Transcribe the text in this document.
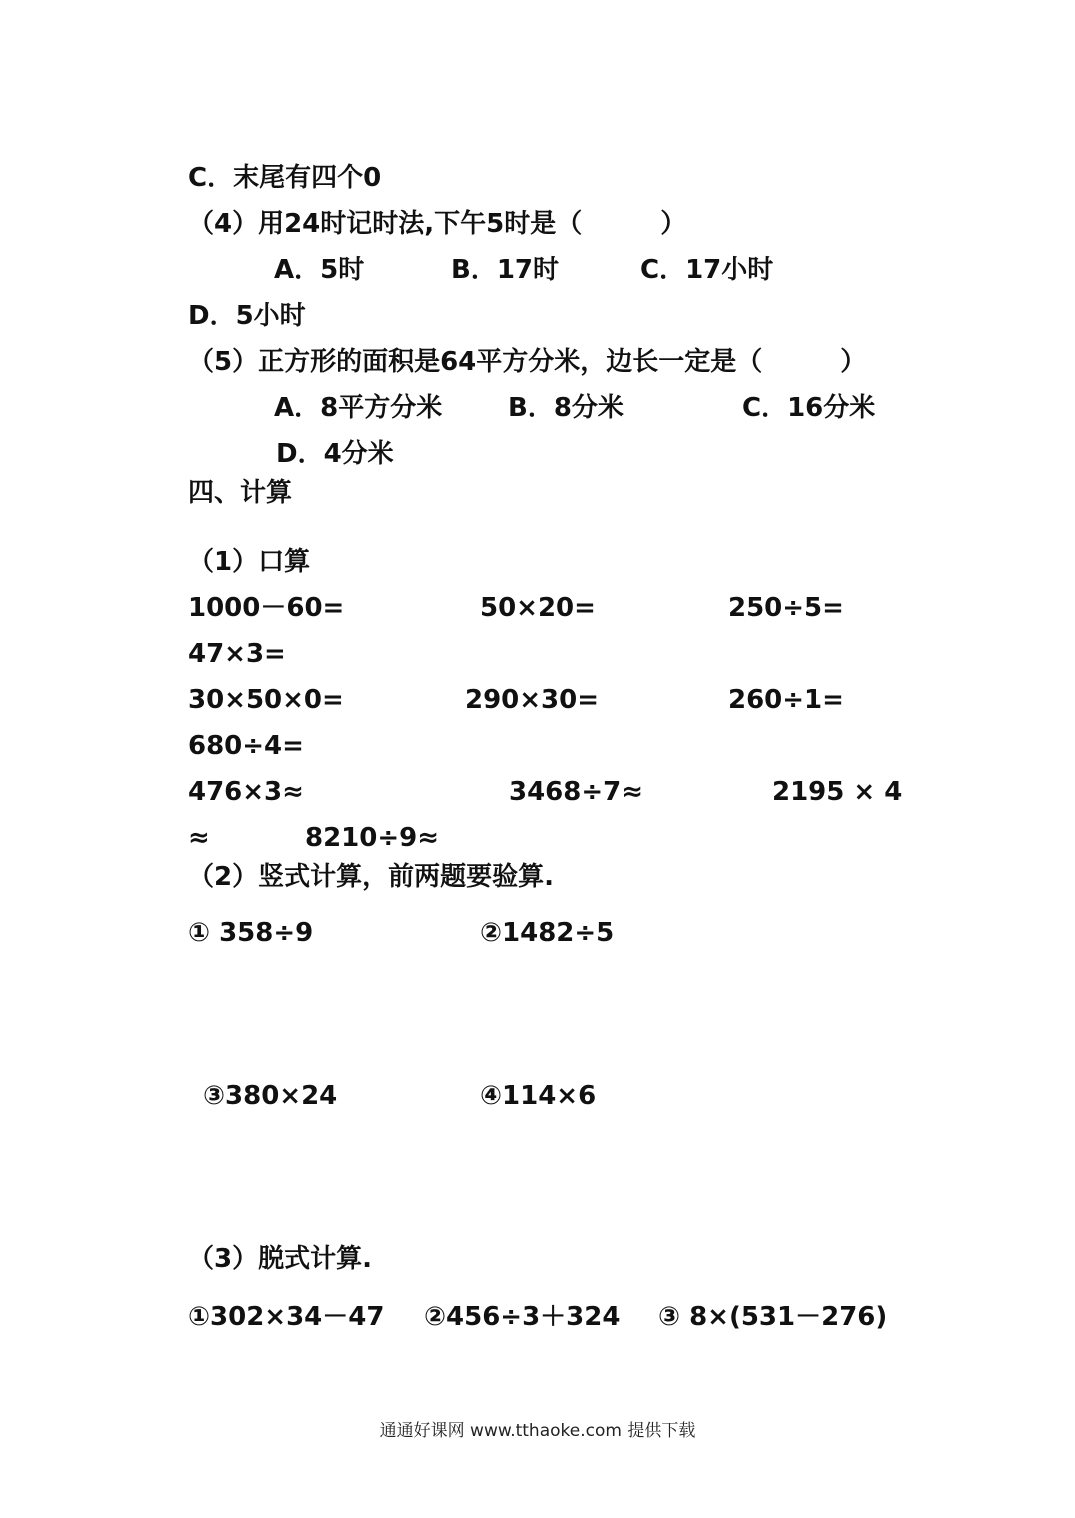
C．末尾有四个0
（4）用24时记时法,下午5时是（　　　）
A．5时	B．17时	C．17小时
D．5小时
（5）正方形的面积是64平方分米，边长一定是（　　　）
A．8平方分米	B．8分米	C．16分米
D．4分米
四、计算
（1）口算
1000－60=	50×20=	250÷5=
47×3=
30×50×0=	290×30=	260÷1=
680÷4=
476×3≈	3468÷7≈	2195 × 4
≈	8210÷9≈
（2）竖式计算，前两题要验算.
① 358÷9	②1482÷5
③380×24	④114×6
（3）脱式计算.
①302×34－47 ②456÷3＋324 ③ 8×(531－276)
通通好课网 www.tthaoke.com 提供下载
